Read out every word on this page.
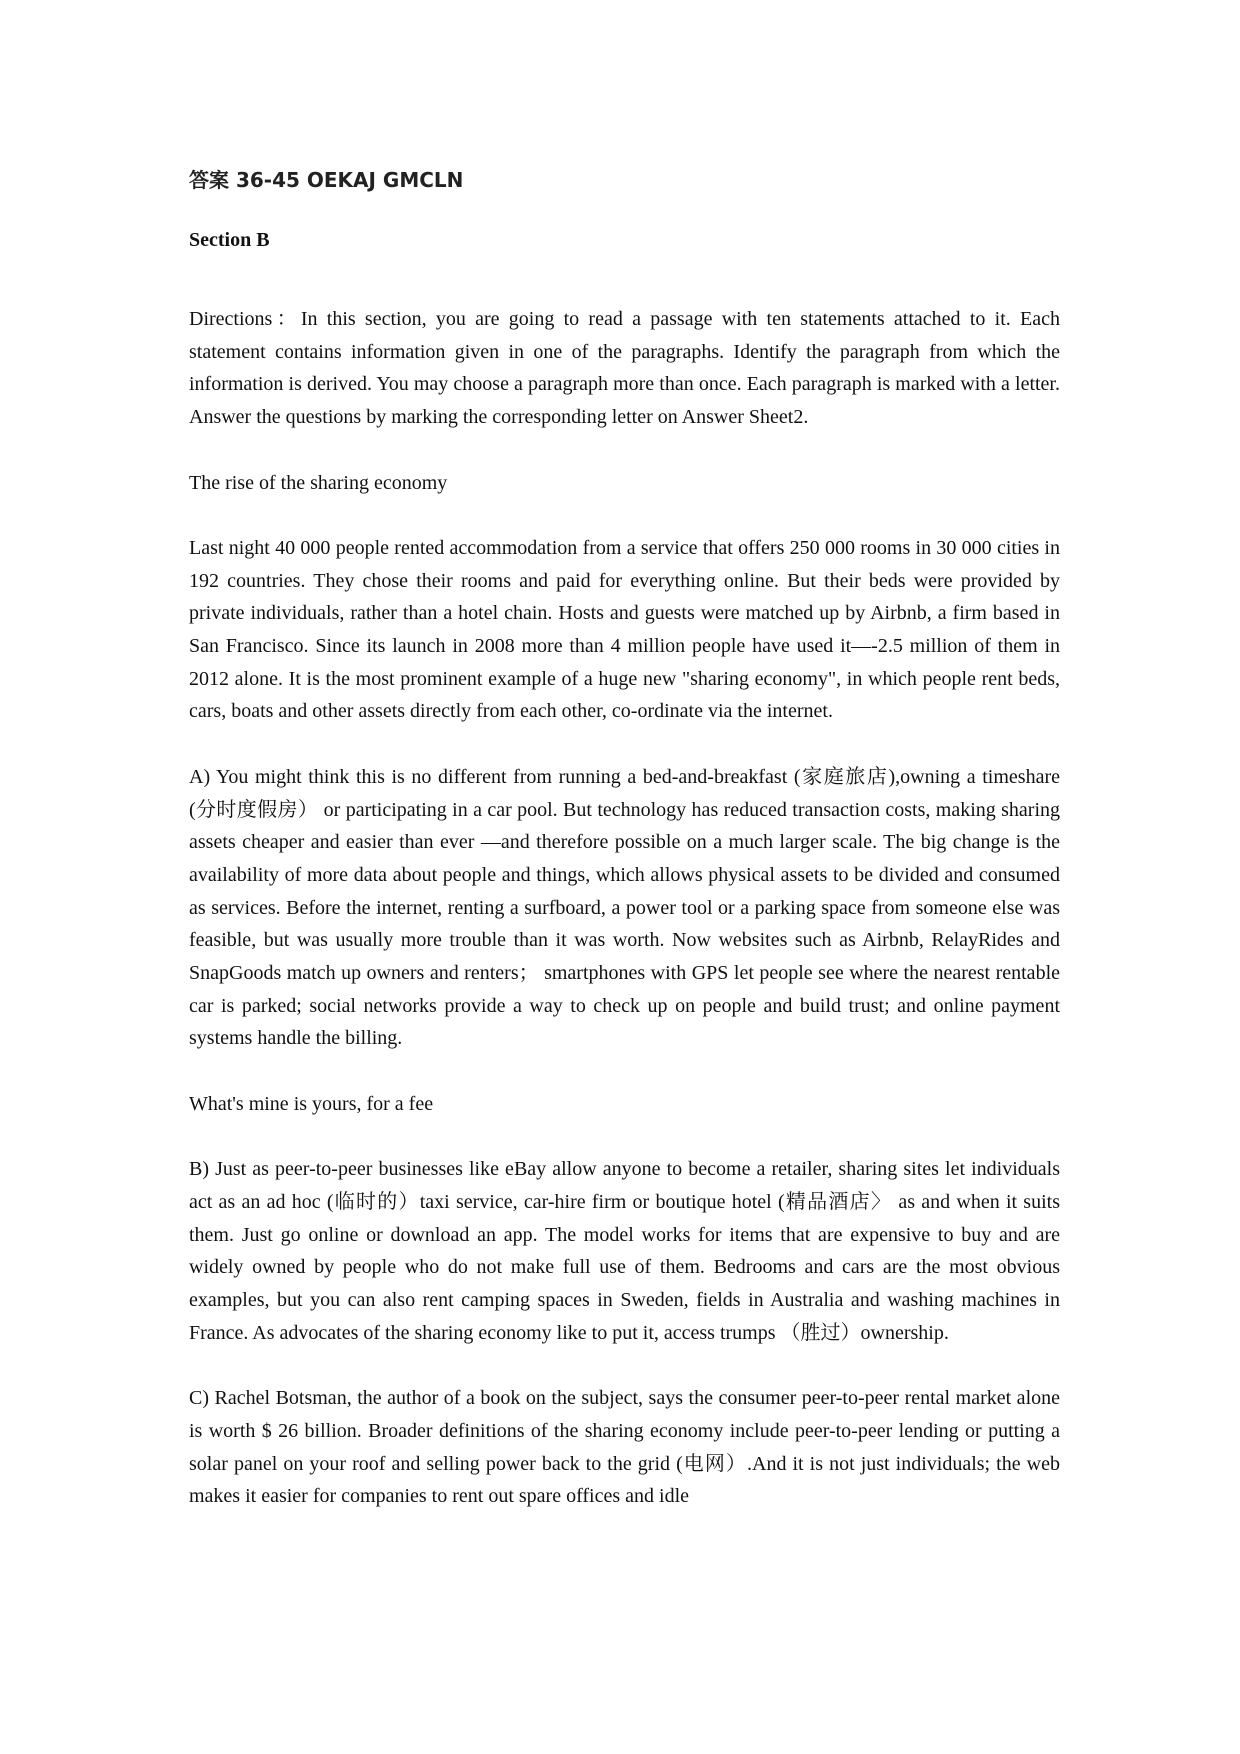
答案 36-45 OEKAJ GMCLN
Section B

Directions：In this section, you are going to read a passage with ten statements attached to it. Each statement contains information given in one of the paragraphs. Identify the paragraph from which the information is derived. You may choose a paragraph more than once. Each paragraph is marked with a letter. Answer the questions by marking the corresponding letter on Answer Sheet2.

The rise of the sharing economy

Last night 40 000 people rented accommodation from a service that offers 250 000 rooms in 30 000 cities in 192 countries. They chose their rooms and paid for everything online. But their beds were provided by private individuals, rather than a hotel chain. Hosts and guests were matched up by Airbnb, a firm based in San Francisco. Since its launch in 2008 more than 4 million people have used it—-2.5 million of them in 2012 alone. It is the most prominent example of a huge new "sharing economy", in which people rent beds, cars, boats and other assets directly from each other, co-ordinate via the internet.

A) You might think this is no different from running a bed-and-breakfast (家庭旅店),owning a timeshare (分时度假房） or participating in a car pool. But technology has reduced transaction costs, making sharing assets cheaper and easier than ever —and therefore possible on a much larger scale. The big change is the availability of more data about people and things, which allows physical assets to be divided and consumed as services. Before the internet, renting a surfboard, a power tool or a parking space from someone else was feasible, but was usually more trouble than it was worth. Now websites such as Airbnb, RelayRides and SnapGoods match up owners and renters； smartphones with GPS let people see where the nearest rentable car is parked; social networks provide a way to check up on people and build trust; and online payment systems handle the billing.

What's mine is yours, for a fee

B) Just as peer-to-peer businesses like eBay allow anyone to become a retailer, sharing sites let individuals act as an ad hoc (临时的）taxi service, car-hire firm or boutique hotel (精品酒店〉 as and when it suits them. Just go online or download an app. The model works for items that are expensive to buy and are widely owned by people who do not make full use of them. Bedrooms and cars are the most obvious examples, but you can also rent camping spaces in Sweden, fields in Australia and washing machines in France. As advocates of the sharing economy like to put it, access trumps （胜过）ownership.

C) Rachel Botsman, the author of a book on the subject, says the consumer peer-to-peer rental market alone is worth $ 26 billion. Broader definitions of the sharing economy include peer-to-peer lending or putting a solar panel on your roof and selling power back to the grid (电网）.And it is not just individuals; the web makes it easier for companies to rent out spare offices and idle
